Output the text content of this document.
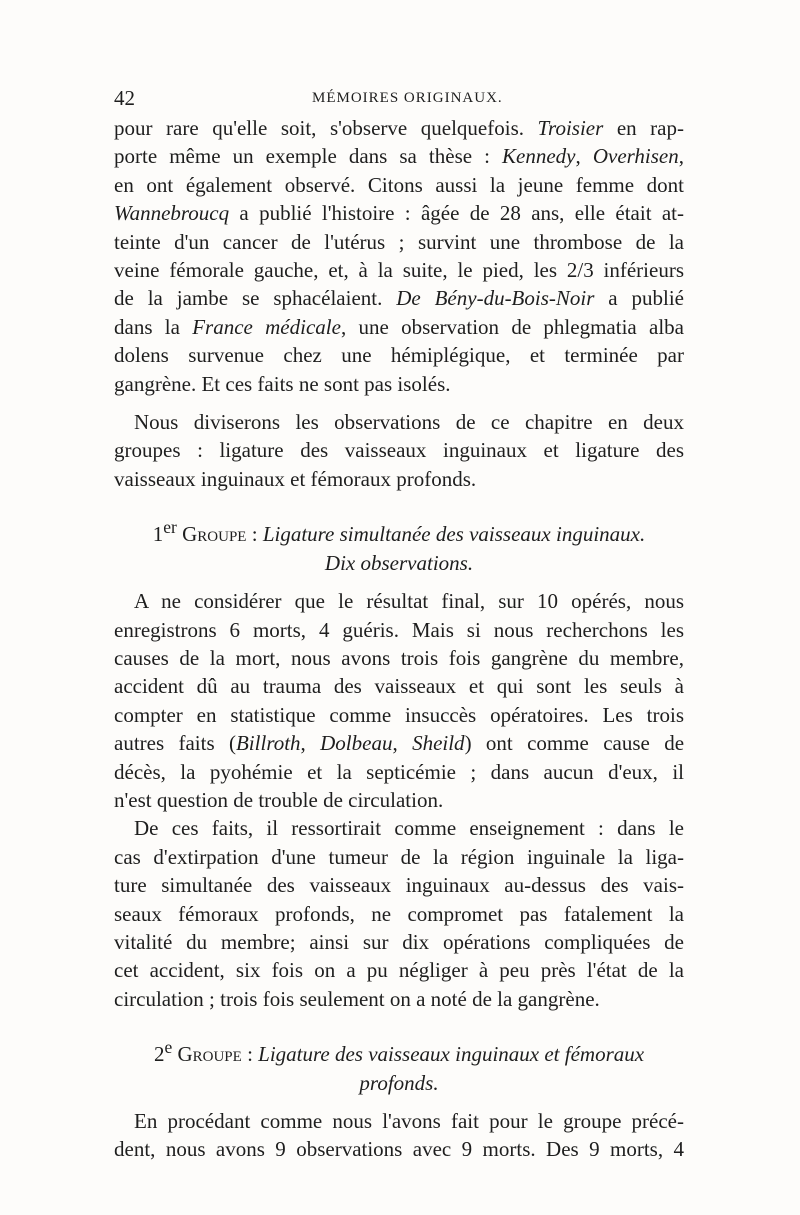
42	MÉMOIRES ORIGINAUX.

pour rare qu'elle soit, s'observe quelquefois. Troisier en rap-

porte même un exemple dans sa thèse : Kennedy, Overhisen,

en ont également observé. Citons aussi la jeune femme dont

Wannebroucq a publié l'histoire : âgée de 28 ans, elle était at-

teinte d'un cancer de l'utérus ; survint une thrombose de la

veine fémorale gauche, et, à la suite, le pied, les 2/3 inférieurs

de la jambe se sphacélaient. De Bény-du-Bois-Noir a publié

dans la France médicale, une observation de phlegmatia alba

dolens survenue chez une hémiplégique, et terminée par

gangrène. Et ces faits ne sont pas isolés.

Nous diviserons les observations de ce chapitre en deux

groupes : ligature des vaisseaux inguinaux et ligature des

vaisseaux inguinaux et fémoraux profonds.

1er Groupe : Ligature simultanée des vaisseaux inguinaux.

Dix observations.

A ne considérer que le résultat final, sur 10 opérés, nous

enregistrons 6 morts, 4 guéris. Mais si nous recherchons les

causes de la mort, nous avons trois fois gangrène du membre,

accident dû au trauma des vaisseaux et qui sont les seuls à

compter en statistique comme insuccès opératoires. Les trois

autres faits (Billroth, Dolbeau, Sheild) ont comme cause de

décès, la pyohémie et la septicémie ; dans aucun d'eux, il

n'est question de trouble de circulation.

De ces faits, il ressortirait comme enseignement : dans le

cas d'extirpation d'une tumeur de la région inguinale la liga-

ture simultanée des vaisseaux inguinaux au-dessus des vais-

seaux fémoraux profonds, ne compromet pas fatalement la

vitalité du membre; ainsi sur dix opérations compliquées de

cet accident, six fois on a pu négliger à peu près l'état de la

circulation ; trois fois seulement on a noté de la gangrène.

2e Groupe : Ligature des vaisseaux inguinaux et fémoraux

profonds.

En procédant comme nous l'avons fait pour le groupe précé-

dent, nous avons 9 observations avec 9 morts. Des 9 morts, 4
